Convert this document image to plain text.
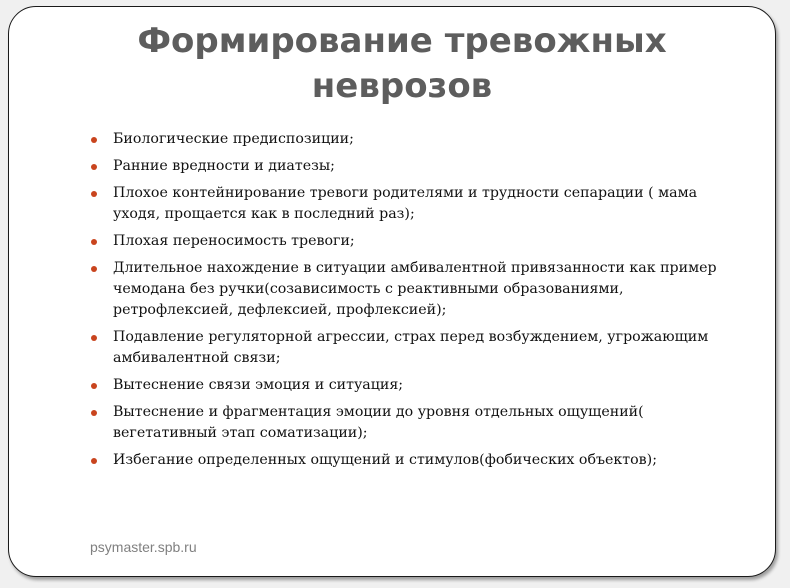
Формирование тревожных неврозов
Биологические предиспозиции;
Ранние вредности и диатезы;
Плохое контейнирование тревоги родителями и трудности сепарации ( мама уходя, прощается как в последний раз);
Плохая переносимость тревоги;
Длительное нахождение в ситуации амбивалентной привязанности как пример чемодана без ручки(созависимость с реактивными образованиями, ретрофлексией, дефлексией, профлексией);
Подавление регуляторной агрессии, страх перед возбуждением, угрожающим амбивалентной связи;
Вытеснение связи эмоция и ситуация;
Вытеснение и фрагментация эмоции до уровня отдельных ощущений( вегетативный этап соматизации);
Избегание определенных ощущений и стимулов(фобических объектов);
psymaster.spb.ru
